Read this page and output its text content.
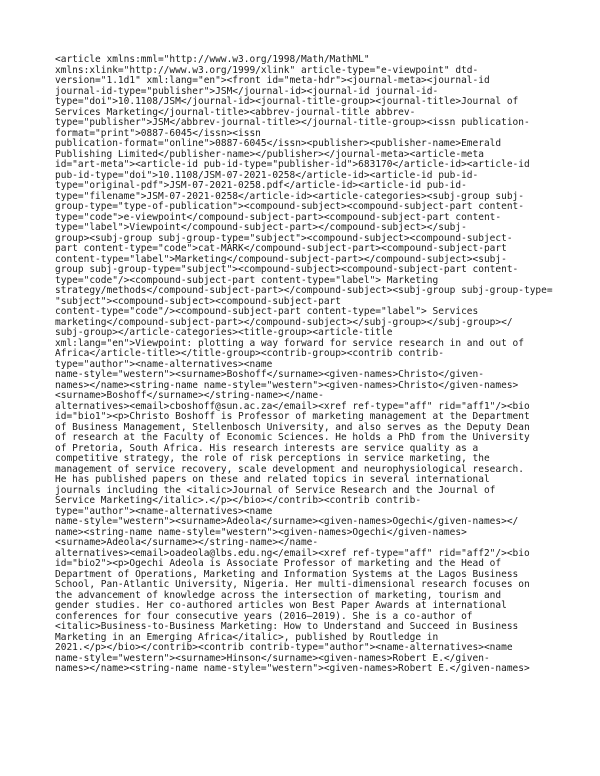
<article xmlns:mml="http://www.w3.org/1998/Math/MathML"
xmlns:xlink="http://www.w3.org/1999/xlink" article-type="e-viewpoint" dtd-
version="1.1d1" xml:lang="en"><front id="meta-hdr"><journal-meta><journal-id
journal-id-type="publisher">JSM</journal-id><journal-id journal-id-
type="doi">10.1108/JSM</journal-id><journal-title-group><journal-title>Journal of
Services Marketing</journal-title><abbrev-journal-title abbrev-
type="publisher">JSM</abbrev-journal-title></journal-title-group><issn publication-
format="print">0887-6045</issn><issn
publication-format="online">0887-6045</issn><publisher><publisher-name>Emerald
Publishing Limited</publisher-name></publisher></journal-meta><article-meta
id="art-meta"><article-id pub-id-type="publisher-id">683170</article-id><article-id
pub-id-type="doi">10.1108/JSM-07-2021-0258</article-id><article-id pub-id-
type="original-pdf">JSM-07-2021-0258.pdf</article-id><article-id pub-id-
type="filename">JSM-07-2021-0258</article-id><article-categories><subj-group subj-
group-type="type-of-publication"><compound-subject><compound-subject-part content-
type="code">e-viewpoint</compound-subject-part><compound-subject-part content-
type="label">Viewpoint</compound-subject-part></compound-subject></subj-
group><subj-group subj-group-type="subject"><compound-subject><compound-subject-
part content-type="code">cat-MARK</compound-subject-part><compound-subject-part
content-type="label">Marketing</compound-subject-part></compound-subject><subj-
group subj-group-type="subject"><compound-subject><compound-subject-part content-
type="code"/><compound-subject-part content-type="label"> Marketing
strategy/methods</compound-subject-part></compound-subject><subj-group subj-group-type=
"subject"><compound-subject><compound-subject-part
content-type="code"/><compound-subject-part content-type="label"> Services
marketing</compound-subject-part></compound-subject></subj-group></subj-group></
subj-group></article-categories><title-group><article-title
xml:lang="en">Viewpoint: plotting a way forward for service research in and out of
Africa</article-title></title-group><contrib-group><contrib contrib-
type="author"><name-alternatives><name
name-style="western"><surname>Boshoff</surname><given-names>Christo</given-
names></name><string-name name-style="western"><given-names>Christo</given-names>
<surname>Boshoff</surname></string-name></name-
alternatives><email>cboshoff@sun.ac.za</email><xref ref-type="aff" rid="aff1"/><bio
id="bio1"><p>Christo Boshoff is Professor of marketing management at the Department
of Business Management, Stellenbosch University, and also serves as the Deputy Dean
of research at the Faculty of Economic Sciences. He holds a PhD from the University
of Pretoria, South Africa. His research interests are service quality as a
competitive strategy, the role of risk perceptions in service marketing, the
management of service recovery, scale development and neurophysiological research.
He has published papers on these and related topics in several international
journals including the <italic>Journal of Service Research and the Journal of
Service Marketing</italic>.</p></bio></contrib><contrib contrib-
type="author"><name-alternatives><name
name-style="western"><surname>Adeola</surname><given-names>Ogechi</given-names></
name><string-name name-style="western"><given-names>Ogechi</given-names>
<surname>Adeola</surname></string-name></name-
alternatives><email>oadeola@lbs.edu.ng</email><xref ref-type="aff" rid="aff2"/><bio
id="bio2"><p>Ogechi Adeola is Associate Professor of marketing and the Head of
Department of Operations, Marketing and Information Systems at the Lagos Business
School, Pan-Atlantic University, Nigeria. Her multi-dimensional research focuses on
the advancement of knowledge across the intersection of marketing, tourism and
gender studies. Her co-authored articles won Best Paper Awards at international
conferences for four consecutive years (2016–2019). She is a co-author of
<italic>Business-to-Business Marketing: How to Understand and Succeed in Business
Marketing in an Emerging Africa</italic>, published by Routledge in
2021.</p></bio></contrib><contrib contrib-type="author"><name-alternatives><name
name-style="western"><surname>Hinson</surname><given-names>Robert E.</given-
names></name><string-name name-style="western"><given-names>Robert E.</given-names>
